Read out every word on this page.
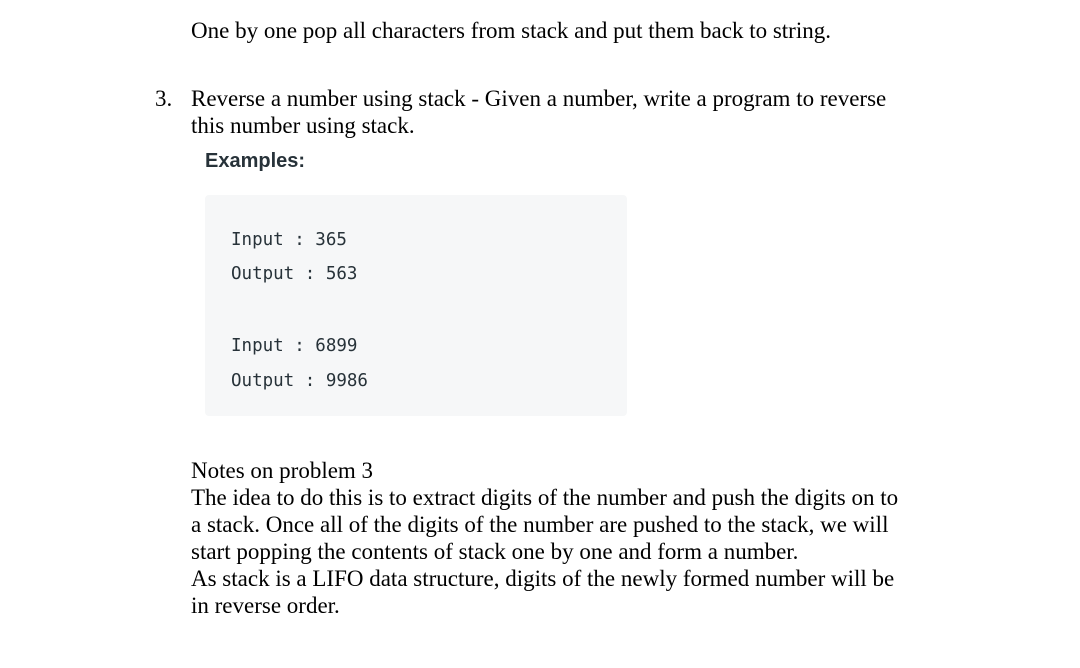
One by one pop all characters from stack and put them back to string.

3. Reverse a number using stack - Given a number, write a program to reverse

this number using stack.

Examples:

Input : 365

Output : 563

Input : 6899

Output : 9986

Notes on problem 3

The idea to do this is to extract digits of the number and push the digits on to

a stack. Once all of the digits of the number are pushed to the stack, we will

start popping the contents of stack one by one and form a number.

As stack is a LIFO data structure, digits of the newly formed number will be

in reverse order.
